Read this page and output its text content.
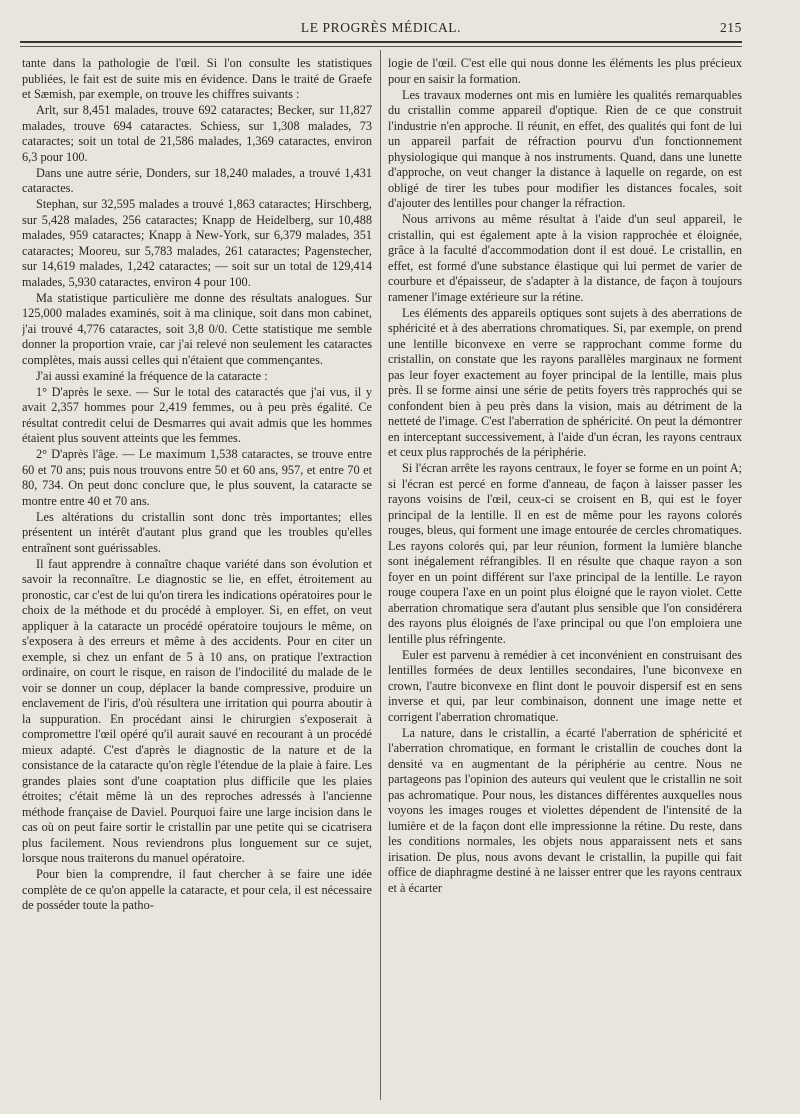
LE PROGRÈS MÉDICAL.	215

tante dans la pathologie de l'œil. Si l'on consulte les statistiques publiées, le fait est de suite mis en évidence. Dans le traité de Graefe et Sæmish, par exemple, on trouve les chiffres suivants :

Arlt, sur 8,451 malades, trouve 692 cataractes; Becker, sur 11,827 malades, trouve 694 cataractes. Schiess, sur 1,308 malades, 73 cataractes; soit un total de 21,586 malades, 1,369 cataractes, environ 6,3 pour 100.

Dans une autre série, Donders, sur 18,240 malades, a trouvé 1,431 cataractes.

Stephan, sur 32,595 malades a trouvé 1,863 cataractes; Hirschberg, sur 5,428 malades, 256 cataractes; Knapp de Heidelberg, sur 10,488 malades, 959 cataractes; Knapp à New-York, sur 6,379 malades, 351 cataractes; Mooreu, sur 5,783 malades, 261 cataractes; Pagenstecher, sur 14,619 malades, 1,242 cataractes; — soit sur un total de 129,414 malades, 5,930 cataractes, environ 4 pour 100.

Ma statistique particulière me donne des résultats analogues. Sur 125,000 malades examinés, soit à ma clinique, soit dans mon cabinet, j'ai trouvé 4,776 cataractes, soit 3,8 0/0. Cette statistique me semble donner la proportion vraie, car j'ai relevé non seulement les cataractes complètes, mais aussi celles qui n'étaient que commençantes.

J'ai aussi examiné la fréquence de la cataracte :

1° D'après le sexe. — Sur le total des cataractés que j'ai vus, il y avait 2,357 hommes pour 2,419 femmes, ou à peu près égalité. Ce résultat contredit celui de Desmarres qui avait admis que les hommes étaient plus souvent atteints que les femmes.

2° D'après l'âge. — Le maximum 1,538 cataractes, se trouve entre 60 et 70 ans; puis nous trouvons entre 50 et 60 ans, 957, et entre 70 et 80, 734. On peut donc conclure que, le plus souvent, la cataracte se montre entre 40 et 70 ans.

Les altérations du cristallin sont donc très importantes; elles présentent un intérêt d'autant plus grand que les troubles qu'elles entraînent sont guérissables.

Il faut apprendre à connaître chaque variété dans son évolution et savoir la reconnaître. Le diagnostic se lie, en effet, étroitement au pronostic, car c'est de lui qu'on tirera les indications opératoires pour le choix de la méthode et du procédé à employer. Si, en effet, on veut appliquer à la cataracte un procédé opératoire toujours le même, on s'exposera à des erreurs et même à des accidents. Pour en citer un exemple, si chez un enfant de 5 à 10 ans, on pratique l'extraction ordinaire, on court le risque, en raison de l'indocilité du malade de le voir se donner un coup, déplacer la bande compressive, produire un enclavement de l'iris, d'où résultera une irritation qui pourra aboutir à la suppuration. En procédant ainsi le chirurgien s'exposerait à compromettre l'œil opéré qu'il aurait sauvé en recourant à un procédé mieux adapté. C'est d'après le diagnostic de la nature et de la consistance de la cataracte qu'on règle l'étendue de la plaie à faire. Les grandes plaies sont d'une coaptation plus difficile que les plaies étroites; c'était même là un des reproches adressés à l'ancienne méthode française de Daviel. Pourquoi faire une large incision dans le cas où on peut faire sortir le cristallin par une petite qui se cicatrisera plus facilement. Nous reviendrons plus longuement sur ce sujet, lorsque nous traiterons du manuel opératoire.

Pour bien la comprendre, il faut chercher à se faire une idée complète de ce qu'on appelle la cataracte, et pour cela, il est nécessaire de posséder toute la patho-

logie de l'œil. C'est elle qui nous donne les éléments les plus précieux pour en saisir la formation.

Les travaux modernes ont mis en lumière les qualités remarquables du cristallin comme appareil d'optique. Rien de ce que construit l'industrie n'en approche. Il réunit, en effet, des qualités qui font de lui un appareil parfait de réfraction pourvu d'un fonctionnement physiologique qui manque à nos instruments. Quand, dans une lunette d'approche, on veut changer la distance à laquelle on regarde, on est obligé de tirer les tubes pour modifier les distances focales, soit d'ajouter des lentilles pour changer la réfraction.

Nous arrivons au même résultat à l'aide d'un seul appareil, le cristallin, qui est également apte à la vision rapprochée et éloignée, grâce à la faculté d'accommodation dont il est doué. Le cristallin, en effet, est formé d'une substance élastique qui lui permet de varier de courbure et d'épaisseur, de s'adapter à la distance, de façon à toujours ramener l'image extérieure sur la rétine.

Les éléments des appareils optiques sont sujets à des aberrations de sphéricité et à des aberrations chromatiques. Si, par exemple, on prend une lentille biconvexe en verre se rapprochant comme forme du cristallin, on constate que les rayons parallèles marginaux ne forment pas leur foyer exactement au foyer principal de la lentille, mais plus près. Il se forme ainsi une série de petits foyers très rapprochés qui se confondent bien à peu près dans la vision, mais au détriment de la netteté de l'image. C'est l'aberration de sphéricité. On peut la démontrer en interceptant successivement, à l'aide d'un écran, les rayons centraux et ceux plus rapprochés de la périphérie.

Si l'écran arrête les rayons centraux, le foyer se forme en un point A; si l'écran est percé en forme d'anneau, de façon à laisser passer les rayons voisins de l'œil, ceux-ci se croisent en B, qui est le foyer principal de la lentille. Il en est de même pour les rayons colorés rouges, bleus, qui forment une image entourée de cercles chromatiques. Les rayons colorés qui, par leur réunion, forment la lumière blanche sont inégalement réfrangibles. Il en résulte que chaque rayon a son foyer en un point différent sur l'axe principal de la lentille. Le rayon rouge coupera l'axe en un point plus éloigné que le rayon violet. Cette aberration chromatique sera d'autant plus sensible que l'on considérera des rayons plus éloignés de l'axe principal ou que l'on emploiera une lentille plus réfringente.

Euler est parvenu à remédier à cet inconvénient en construisant des lentilles formées de deux lentilles secondaires, l'une biconvexe en crown, l'autre biconvexe en flint dont le pouvoir dispersif est en sens inverse et qui, par leur combinaison, donnent une image nette et corrigent l'aberration chromatique.

La nature, dans le cristallin, a écarté l'aberration de sphéricité et l'aberration chromatique, en formant le cristallin de couches dont la densité va en augmentant de la périphérie au centre. Nous ne partageons pas l'opinion des auteurs qui veulent que le cristallin ne soit pas achromatique. Pour nous, les distances différentes auxquelles nous voyons les images rouges et violettes dépendent de l'intensité de la lumière et de la façon dont elle impressionne la rétine. Du reste, dans les conditions normales, les objets nous apparaissent nets et sans irisation. De plus, nous avons devant le cristallin, la pupille qui fait office de diaphragme destiné à ne laisser entrer que les rayons centraux et à écarter
